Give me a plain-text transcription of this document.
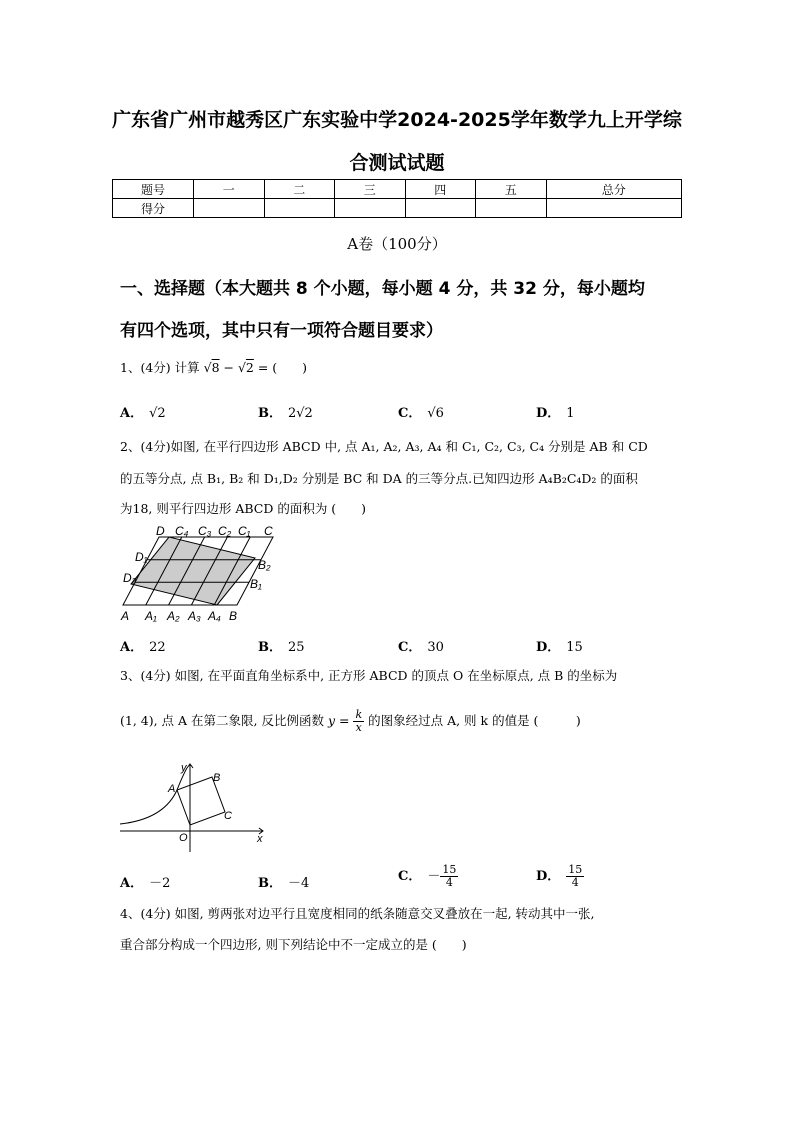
广东省广州市越秀区广东实验中学2024-2025学年数学九上开学综
合测试试题
题号	一	二	三	四	五	总分
得分						
A卷（100分）
一、选择题（本大题共 8 个小题，每小题 4 分，共 32 分，每小题均
有四个选项，其中只有一项符合题目要求）
1、(4分) 计算 √8 − √2 = (　　)
A． √2	B． 2√2	C． √6	D． 1
2、(4分)如图, 在平行四边形 ABCD 中, 点 A₁, A₂, A₃, A₄ 和 C₁, C₂, C₃, C₄ 分别是 AB 和 CD
的五等分点, 点 B₁, B₂ 和 D₁,D₂ 分别是 BC 和 DA 的三等分点.已知四边形 A₄B₂C₄D₂ 的面积
为18, 则平行四边形 ABCD 的面积为 (　　)
D C₄ C₃ C₂ C₁ C
D₁
D₂
B₂
B₁
A A₁ A₂ A₃ A₄ B
A． 22	B． 25	C． 30	D． 15
3、(4分) 如图, 在平面直角坐标系中, 正方形 ABCD 的顶点 O 在坐标原点, 点 B 的坐标为
(1, 4), 点 A 在第二象限, 反比例函数 $y = \frac{k}{x}$ 的图象经过点 A, 则 k 的值是 (　　　)
y
x
O
A
B
C
A． －2	B． －4	C． － $\frac{15}{4}$	D． $\frac{15}{4}$
4、(4分) 如图, 剪两张对边平行且宽度相同的纸条随意交叉叠放在一起, 转动其中一张,
重合部分构成一个四边形, 则下列结论中不一定成立的是 (　　)
